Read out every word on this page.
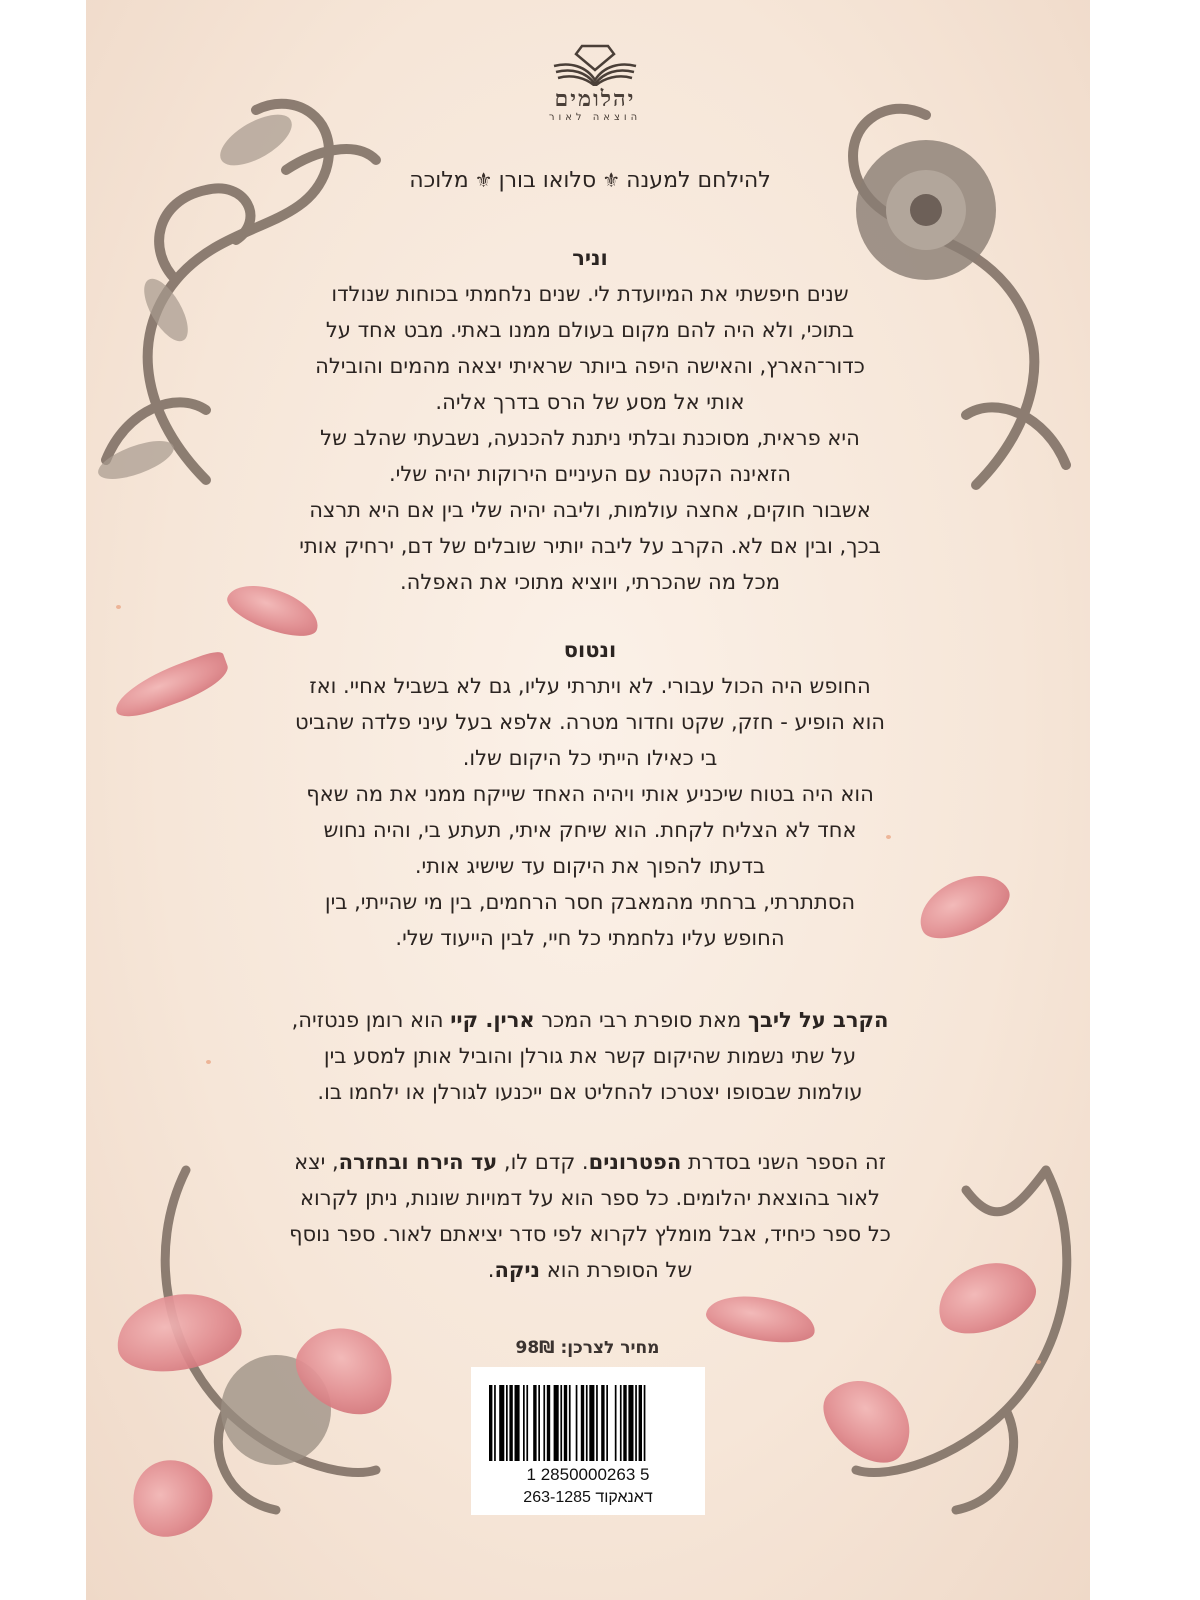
יהלומים
הוצאה לאור
להילחם למענה⚜סלואו בורן⚜מלוכה
וניר
שנים חיפשתי את המיועדת לי. שנים נלחמתי בכוחות שנולדו
בתוכי, ולא היה להם מקום בעולם ממנו באתי. מבט אחד על
כדור־הארץ, והאישה היפה ביותר שראיתי יצאה מהמים והובילה
אותי אל מסע של הרס בדרך אליה.
היא פראית, מסוכנת ובלתי ניתנת להכנעה, נשבעתי שהלב של
הזאינה הקטנה עם העיניים הירוקות יהיה שלי.
אשבור חוקים, אחצה עולמות, וליבה יהיה שלי בין אם היא תרצה
בכך, ובין אם לא. הקרב על ליבה יותיר שובלים של דם, ירחיק אותי
מכל מה שהכרתי, ויוציא מתוכי את האפלה.
ונטוס
החופש היה הכול עבורי. לא ויתרתי עליו, גם לא בשביל אחיי. ואז
הוא הופיע - חזק, שקט וחדור מטרה. אלפא בעל עיני פלדה שהביט
בי כאילו הייתי כל היקום שלו.
הוא היה בטוח שיכניע אותי ויהיה האחד שייקח ממני את מה שאף
אחד לא הצליח לקחת. הוא שיחק איתי, תעתע בי, והיה נחוש
בדעתו להפוך את היקום עד שישיג אותי.
הסתתרתי, ברחתי מהמאבק חסר הרחמים, בין מי שהייתי, בין
החופש עליו נלחמתי כל חיי, לבין הייעוד שלי.
הקרב על ליבך מאת סופרת רבי המכר ארין. קיי הוא רומן פנטזיה,
על שתי נשמות שהיקום קשר את גורלן והוביל אותן למסע בין
עולמות שבסופו יצטרכו להחליט אם ייכנעו לגורלן או ילחמו בו.
זה הספר השני בסדרת הפטרונים. קדם לו, עד הירח ובחזרה, יצא
לאור בהוצאת יהלומים. כל ספר הוא על דמויות שונות, ניתן לקרוא
כל ספר כיחיד, אבל מומלץ לקרוא לפי סדר יציאתם לאור. ספר נוסף
של הסופרת הוא ניקה.
מחיר לצרכן: 98₪
1 2850000263 5
דאנאקוד 263-1285
